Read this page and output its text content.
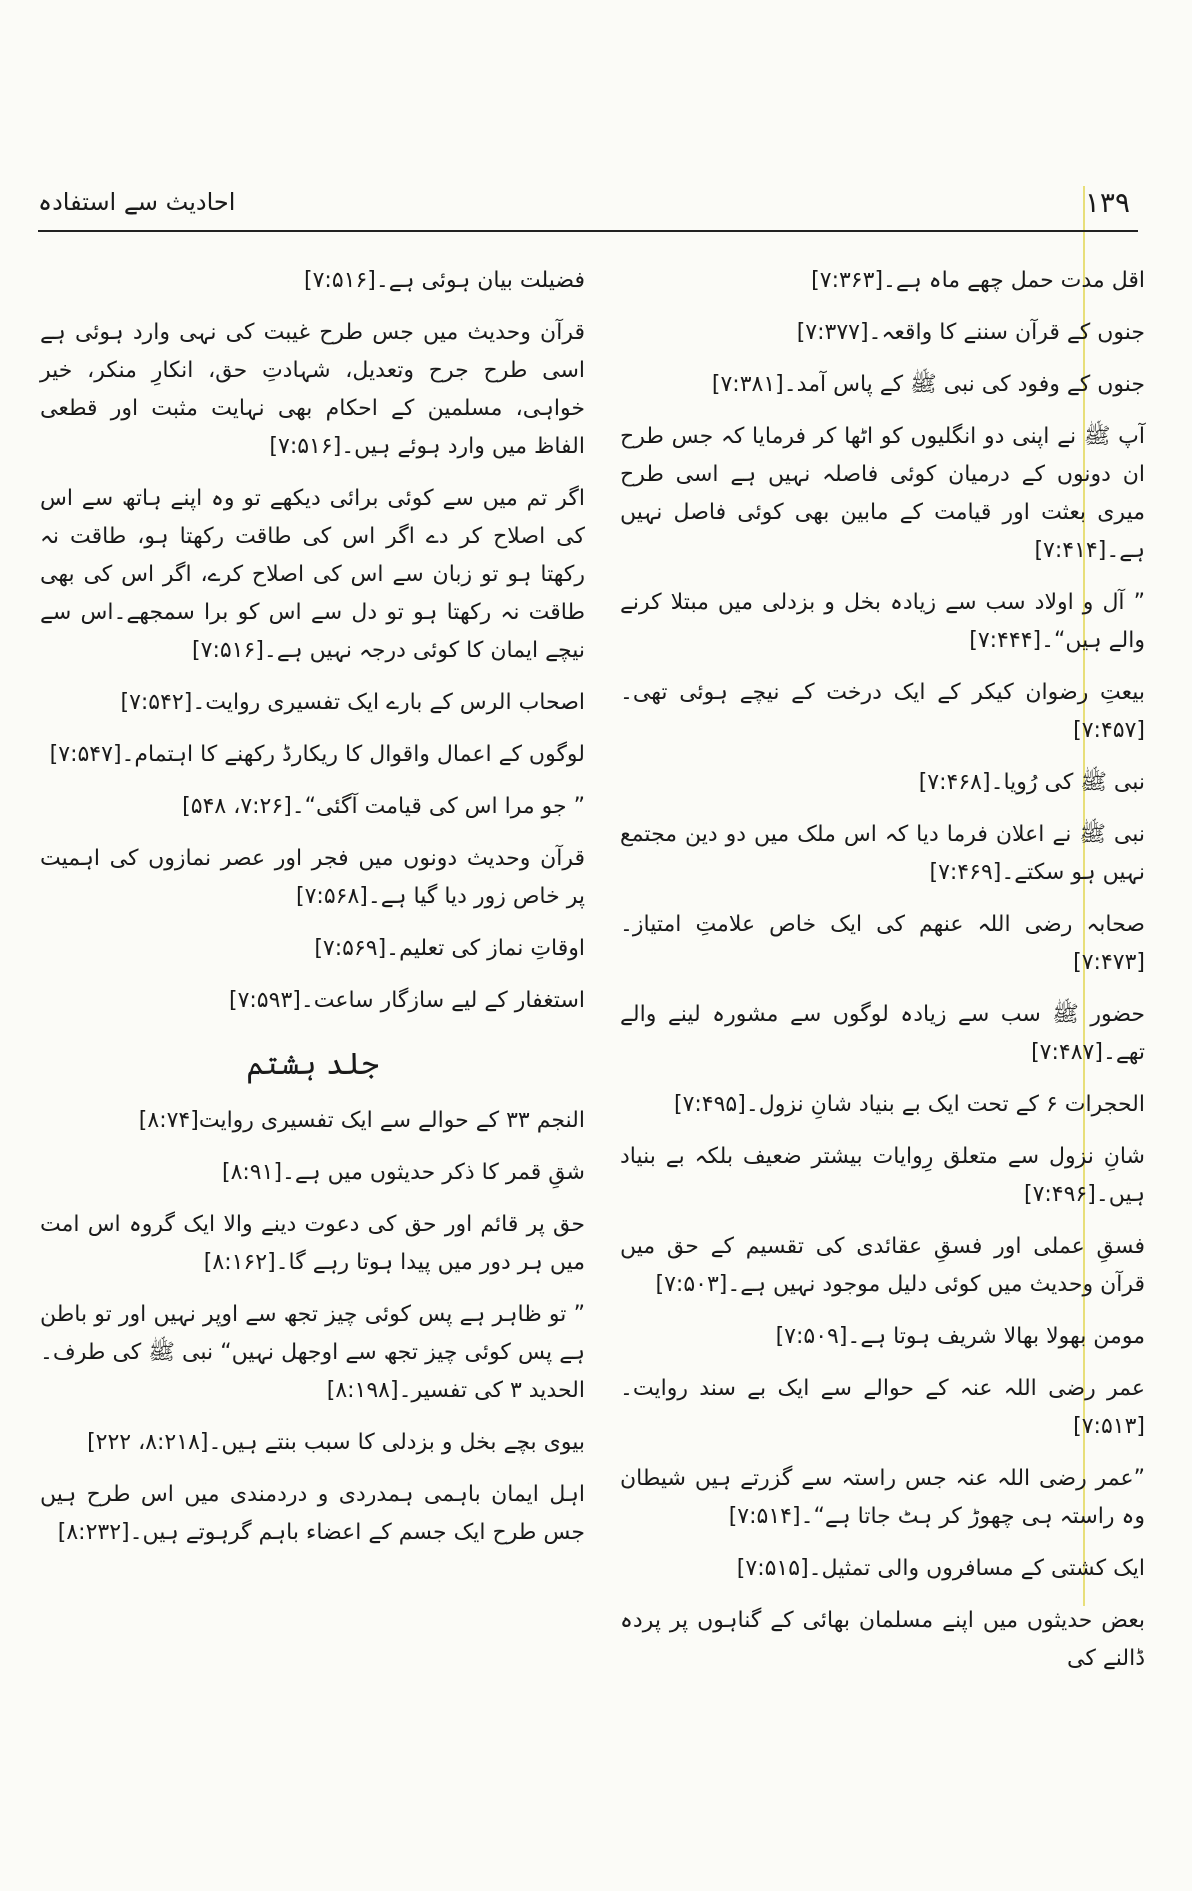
احادیث سے استفادہ	۱۳۹

اقل مدت حمل چھے ماہ ہے۔[۷:۳۶۳]

جنوں کے قرآن سننے کا واقعہ۔[۷:۳۷۷]

جنوں کے وفود کی نبی ﷺ کے پاس آمد۔[۷:۳۸۱]

آپ ﷺ نے اپنی دو انگلیوں کو اٹھا کر فرمایا کہ جس طرح ان دونوں کے درمیان کوئی فاصلہ نہیں ہے اسی طرح میری بعثت اور قیامت کے مابین بھی کوئی فاصل نہیں ہے۔[۷:۴۱۴]

” آل و اولاد سب سے زیادہ بخل و بزدلی میں مبتلا کرنے والے ہیں“۔[۷:۴۴۴]

بیعتِ رضوان کیکر کے ایک درخت کے نیچے ہوئی تھی۔[۷:۴۵۷]

نبی ﷺ کی رُویا۔[۷:۴۶۸]

نبی ﷺ نے اعلان فرما دیا کہ اس ملک میں دو دین مجتمع نہیں ہو سکتے۔[۷:۴۶۹]

صحابہ رضی اللہ عنھم کی ایک خاص علامتِ امتیاز۔[۷:۴۷۳]

حضور ﷺ سب سے زیادہ لوگوں سے مشورہ لینے والے تھے۔[۷:۴۸۷]

الحجرات ۶ کے تحت ایک بے بنیاد شانِ نزول۔[۷:۴۹۵]

شانِ نزول سے متعلق رِوایات بیشتر ضعیف بلکہ بے بنیاد ہیں۔[۷:۴۹۶]

فسقِ عملی اور فسقِ عقائدی کی تقسیم کے حق میں قرآن وحدیث میں کوئی دلیل موجود نہیں ہے۔[۷:۵۰۳]

مومن بھولا بھالا شریف ہوتا ہے۔[۷:۵۰۹]

عمر رضی اللہ عنہ کے حوالے سے ایک بے سند روایت۔[۷:۵۱۳]

”عمر رضی اللہ عنہ جس راستہ سے گزرتے ہیں شیطان وہ راستہ ہی چھوڑ کر ہٹ جاتا ہے“۔[۷:۵۱۴]

ایک کشتی کے مسافروں والی تمثیل۔[۷:۵۱۵]

بعض حدیثوں میں اپنے مسلمان بھائی کے گناہوں پر پردہ ڈالنے کی

فضیلت بیان ہوئی ہے۔[۷:۵۱۶]

قرآن وحدیث میں جس طرح غیبت کی نہی وارد ہوئی ہے اسی طرح جرح وتعدیل، شہادتِ حق، انکارِ منکر، خیر خواہی، مسلمین کے احکام بھی نہایت مثبت اور قطعی الفاظ میں وارد ہوئے ہیں۔[۷:۵۱۶]

اگر تم میں سے کوئی برائی دیکھے تو وہ اپنے ہاتھ سے اس کی اصلاح کر دے اگر اس کی طاقت رکھتا ہو، طاقت نہ رکھتا ہو تو زبان سے اس کی اصلاح کرے، اگر اس کی بھی طاقت نہ رکھتا ہو تو دل سے اس کو برا سمجھے۔اس سے نیچے ایمان کا کوئی درجہ نہیں ہے۔[۷:۵۱۶]

اصحاب الرس کے بارے ایک تفسیری روایت۔[۷:۵۴۲]

لوگوں کے اعمال واقوال کا ریکارڈ رکھنے کا اہتمام۔[۷:۵۴۷]

” جو مرا اس کی قیامت آگئی“۔[۷:۲۶، ۵۴۸]

قرآن وحدیث دونوں میں فجر اور عصر نمازوں کی اہمیت پر خاص زور دیا گیا ہے۔[۷:۵۶۸]

اوقاتِ نماز کی تعلیم۔[۷:۵۶۹]

استغفار کے لیے سازگار ساعت۔[۷:۵۹۳]

جلد ہشتم

النجم ۳۳ کے حوالے سے ایک تفسیری روایت[۸:۷۴]

شقِ قمر کا ذکر حدیثوں میں ہے۔[۸:۹۱]

حق پر قائم اور حق کی دعوت دینے والا ایک گروہ اس امت میں ہر دور میں پیدا ہوتا رہے گا۔[۸:۱۶۲]

” تو ظاہر ہے پس کوئی چیز تجھ سے اوپر نہیں اور تو باطن ہے پس کوئی چیز تجھ سے اوجھل نہیں“ نبی ﷺ کی طرف۔ الحدید ۳ کی تفسیر۔[۸:۱۹۸]

بیوی بچے بخل و بزدلی کا سبب بنتے ہیں۔[۸:۲۱۸، ۲۲۲]

اہل ایمان باہمی ہمدردی و دردمندی میں اس طرح ہیں جس طرح ایک جسم کے اعضاء باہم گرہوتے ہیں۔[۸:۲۳۲]
